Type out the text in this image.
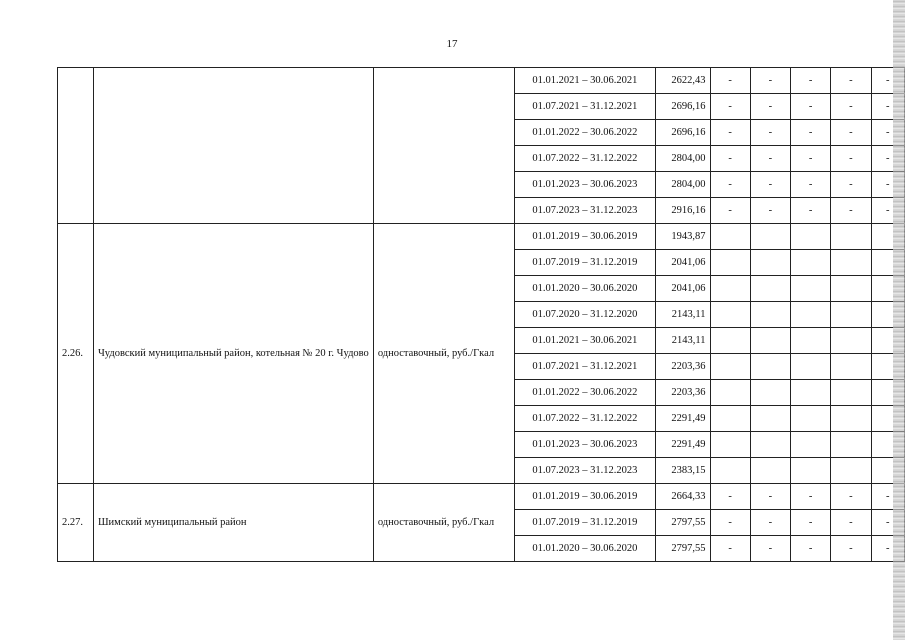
17
			01.01.2021 – 30.06.2021	2622,43	-	-	-	-	-
			01.07.2021 – 31.12.2021	2696,16	-	-	-	-	-
			01.01.2022 – 30.06.2022	2696,16	-	-	-	-	-
			01.07.2022 – 31.12.2022	2804,00	-	-	-	-	-
			01.01.2023 – 30.06.2023	2804,00	-	-	-	-	-
			01.07.2023 – 31.12.2023	2916,16	-	-	-	-	-
2.26.	Чудовский муниципальный район, котельная № 20 г. Чудово	одноставочный, руб./Гкал	01.01.2019 – 30.06.2019	1943,87					
			01.07.2019 – 31.12.2019	2041,06					
			01.01.2020 – 30.06.2020	2041,06					
			01.07.2020 – 31.12.2020	2143,11					
			01.01.2021 – 30.06.2021	2143,11					
			01.07.2021 – 31.12.2021	2203,36					
			01.01.2022 – 30.06.2022	2203,36					
			01.07.2022 – 31.12.2022	2291,49					
			01.01.2023 – 30.06.2023	2291,49					
			01.07.2023 – 31.12.2023	2383,15					
2.27.	Шимский муниципальный район	одноставочный, руб./Гкал	01.01.2019 – 30.06.2019	2664,33	-	-	-	-	-
			01.07.2019 – 31.12.2019	2797,55	-	-	-	-	-
			01.01.2020 – 30.06.2020	2797,55	-	-	-	-	-
